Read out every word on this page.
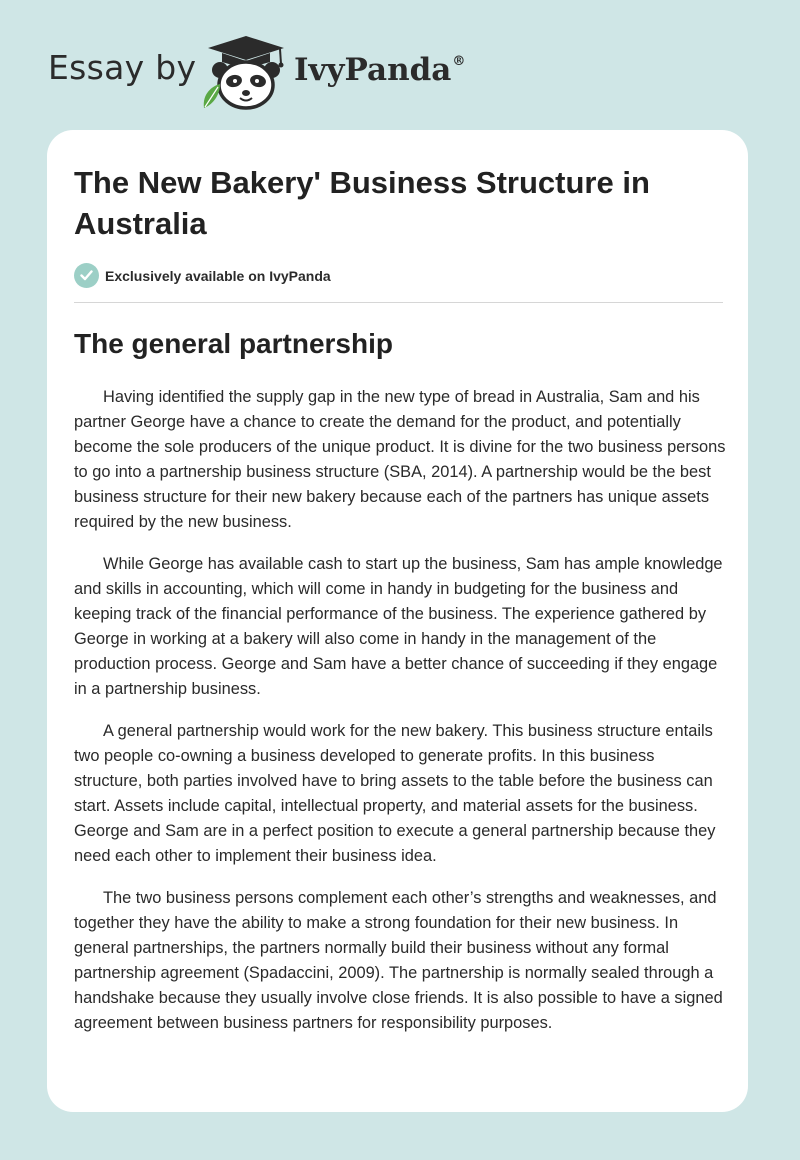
Essay by	IvyPanda®
The New Bakery' Business Structure in Australia
Exclusively available on IvyPanda
The general partnership

Having identified the supply gap in the new type of bread in Australia, Sam and his partner George have a chance to create the demand for the product, and potentially become the sole producers of the unique product. It is divine for the two business persons to go into a partnership business structure (SBA, 2014). A partnership would be the best business structure for their new bakery because each of the partners has unique assets required by the new business.

While George has available cash to start up the business, Sam has ample knowledge and skills in accounting, which will come in handy in budgeting for the business and keeping track of the financial performance of the business. The experience gathered by George in working at a bakery will also come in handy in the management of the production process. George and Sam have a better chance of succeeding if they engage in a partnership business.

A general partnership would work for the new bakery. This business structure entails two people co-owning a business developed to generate profits. In this business structure, both parties involved have to bring assets to the table before the business can start. Assets include capital, intellectual property, and material assets for the business. George and Sam are in a perfect position to execute a general partnership because they need each other to implement their business idea.

The two business persons complement each other’s strengths and weaknesses, and together they have the ability to make a strong foundation for their new business. In general partnerships, the partners normally build their business without any formal partnership agreement (Spadaccini, 2009). The partnership is normally sealed through a handshake because they usually involve close friends. It is also possible to have a signed agreement between business partners for responsibility purposes.
